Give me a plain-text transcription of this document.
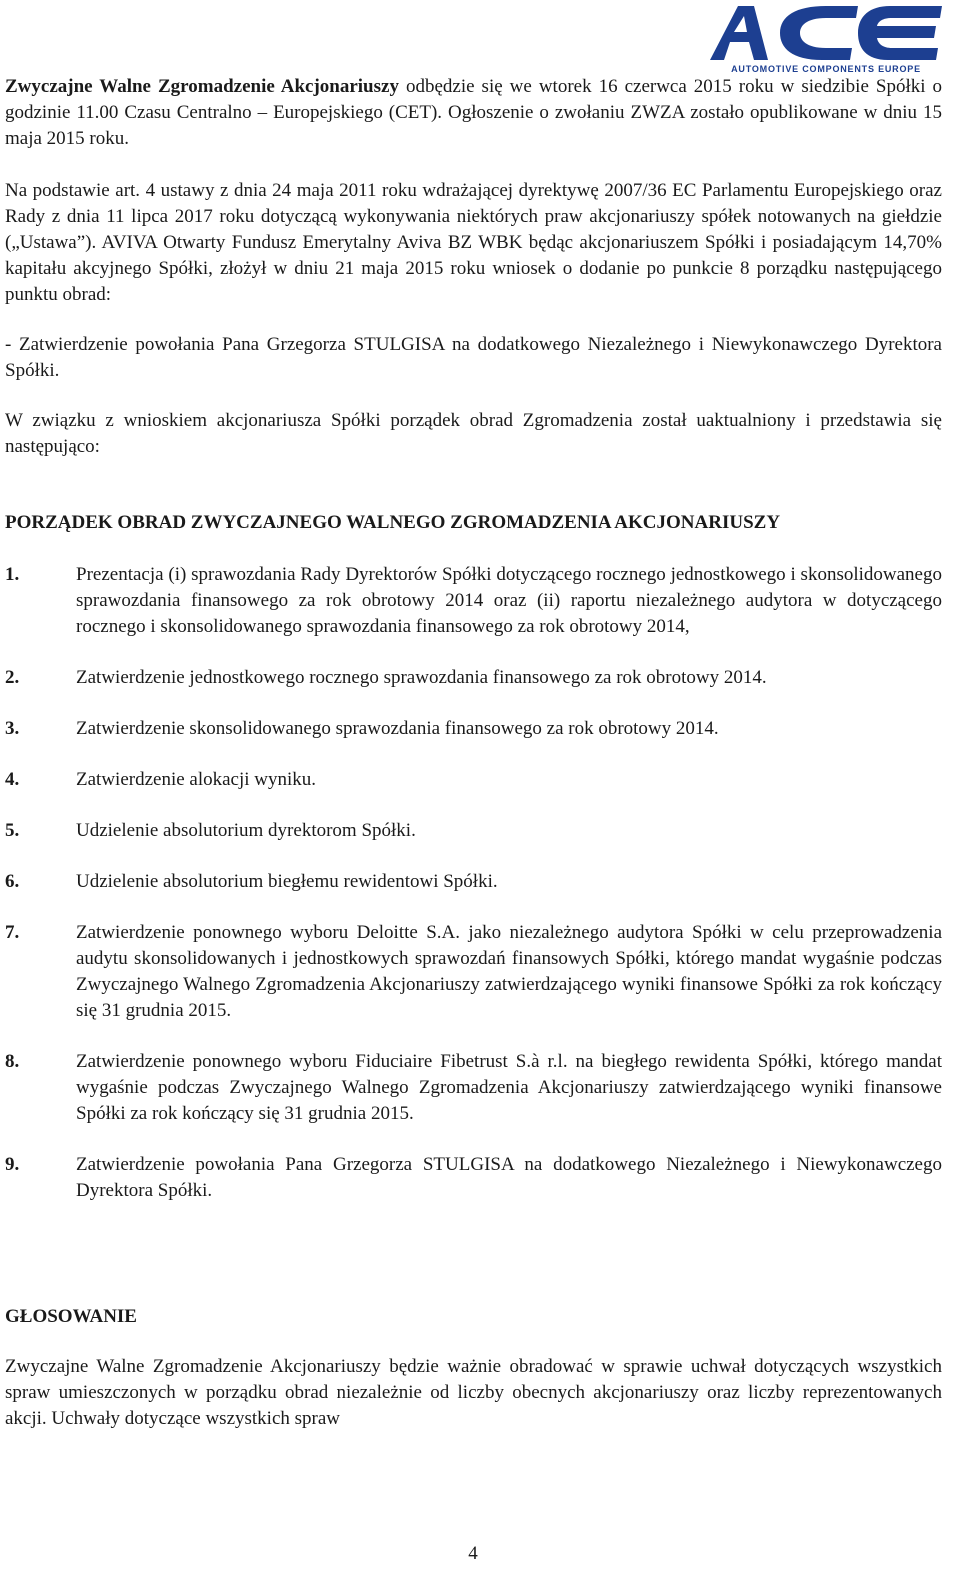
AUTOMOTIVE COMPONENTS EUROPE

Zwyczajne Walne Zgromadzenie Akcjonariuszy odbędzie się we wtorek 16 czerwca 2015 roku w siedzibie Spółki o godzinie 11.00 Czasu Centralno – Europejskiego (CET). Ogłoszenie o zwołaniu ZWZA zostało opublikowane w dniu 15 maja 2015 roku.

Na podstawie art. 4 ustawy z dnia 24 maja 2011 roku wdrażającej dyrektywę 2007/36 EC Parlamentu Europejskiego oraz Rady z dnia 11 lipca 2017 roku dotyczącą wykonywania niektórych praw akcjonariuszy spółek notowanych na giełdzie („Ustawa”). AVIVA Otwarty Fundusz Emerytalny Aviva BZ WBK będąc akcjonariuszem Spółki i posiadającym 14,70% kapitału akcyjnego Spółki, złożył w dniu 21 maja 2015 roku wniosek o dodanie po punkcie 8 porządku następującego punktu obrad:

- Zatwierdzenie powołania Pana Grzegorza STULGISA na dodatkowego Niezależnego i Niewykonawczego Dyrektora Spółki.

W związku z wnioskiem akcjonariusza Spółki porządek obrad Zgromadzenia został uaktualniony i przedstawia się następująco:

PORZĄDEK OBRAD ZWYCZAJNEGO WALNEGO ZGROMADZENIA AKCJONARIUSZY

1.	Prezentacja (i) sprawozdania Rady Dyrektorów Spółki dotyczącego rocznego jednostkowego i skonsolidowanego sprawozdania finansowego za rok obrotowy 2014 oraz (ii) raportu niezależnego audytora w dotyczącego rocznego i skonsolidowanego sprawozdania finansowego za rok obrotowy 2014,
2.	Zatwierdzenie jednostkowego rocznego sprawozdania finansowego za rok obrotowy 2014.
3.	Zatwierdzenie skonsolidowanego sprawozdania finansowego za rok obrotowy 2014.
4.	Zatwierdzenie alokacji wyniku.
5.	Udzielenie absolutorium dyrektorom Spółki.
6.	Udzielenie absolutorium biegłemu rewidentowi Spółki.
7.	Zatwierdzenie ponownego wyboru Deloitte S.A. jako niezależnego audytora Spółki w celu przeprowadzenia audytu skonsolidowanych i jednostkowych sprawozdań finansowych Spółki, którego mandat wygaśnie podczas Zwyczajnego Walnego Zgromadzenia Akcjonariuszy zatwierdzającego wyniki finansowe Spółki za rok kończący się 31 grudnia 2015.
8.	Zatwierdzenie ponownego wyboru Fiduciaire Fibetrust S.à r.l. na biegłego rewidenta Spółki, którego mandat wygaśnie podczas Zwyczajnego Walnego Zgromadzenia Akcjonariuszy zatwierdzającego wyniki finansowe Spółki za rok kończący się 31 grudnia 2015.
9.	Zatwierdzenie powołania Pana Grzegorza STULGISA na dodatkowego Niezależnego i Niewykonawczego Dyrektora Spółki.

GŁOSOWANIE

Zwyczajne Walne Zgromadzenie Akcjonariuszy będzie ważnie obradować w sprawie uchwał dotyczących wszystkich spraw umieszczonych w porządku obrad niezależnie od liczby obecnych akcjonariuszy oraz liczby reprezentowanych akcji. Uchwały dotyczące wszystkich spraw

4
